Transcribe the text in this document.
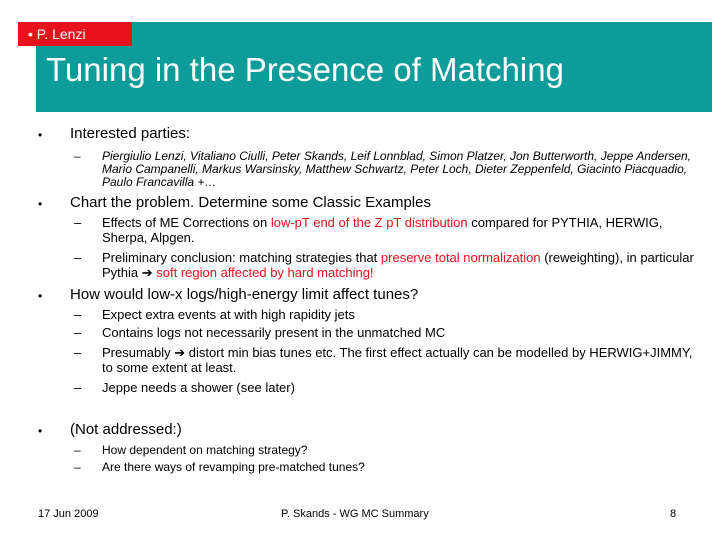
• P. Lenzi
Tuning in the Presence of Matching
• Interested parties:
– Piergiulio Lenzi, Vitaliano Ciulli, Peter Skands, Leif Lonnblad, Simon Platzer, Jon Butterworth, Jeppe Andersen, Mario Campanelli, Markus Warsinsky, Matthew Schwartz, Peter Loch, Dieter Zeppenfeld, Giacinto Piacquadio, Paulo Francavilla +…
• Chart the problem. Determine some Classic Examples
– Effects of ME Corrections on low-pT end of the Z pT distribution compared for PYTHIA, HERWIG, Sherpa, Alpgen.
– Preliminary conclusion: matching strategies that preserve total normalization (reweighting), in particular Pythia ➔ soft region affected by hard matching!
• How would low-x logs/high-energy limit affect tunes?
– Expect extra events at with high rapidity jets
– Contains logs not necessarily present in the unmatched MC
– Presumably ➔ distort min bias tunes etc. The first effect actually can be modelled by HERWIG+JIMMY, to some extent at least.
– Jeppe needs a shower (see later)
• (Not addressed:)
– How dependent on matching strategy?
– Are there ways of revamping pre-matched tunes?
17 Jun 2009	P. Skands - WG MC Summary	8
